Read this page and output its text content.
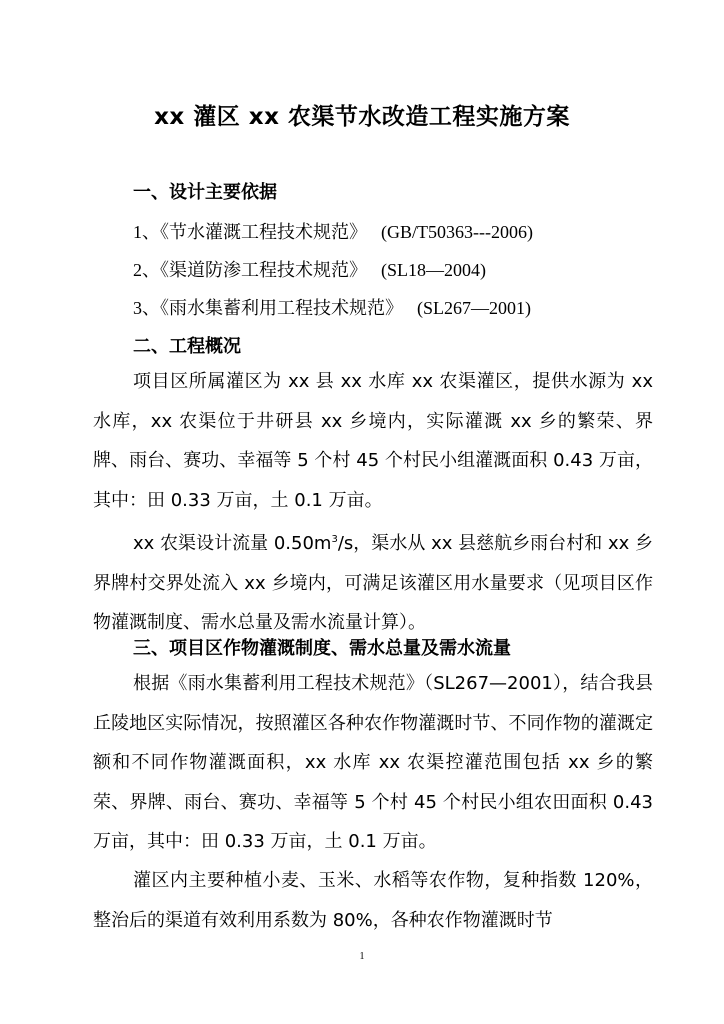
xx 灌区 xx 农渠节水改造工程实施方案
一、设计主要依据
1、《节水灌溉工程技术规范》 (GB/T50363---2006)
2、《渠道防渗工程技术规范》 (SL18—2004)
3、《雨水集蓄利用工程技术规范》 (SL267—2001)
二、工程概况
项目区所属灌区为 xx 县 xx 水库 xx 农渠灌区，提供水源为 xx 水库，xx 农渠位于井研县 xx 乡境内，实际灌溉 xx 乡的繁荣、界牌、雨台、赛功、幸福等 5 个村 45 个村民小组灌溉面积 0.43 万亩，其中：田 0.33 万亩，土 0.1 万亩。
xx 农渠设计流量 $0.50m^3/s$，渠水从 xx 县慈航乡雨台村和 xx 乡界牌村交界处流入 xx 乡境内，可满足该灌区用水量要求（见项目区作物灌溉制度、需水总量及需水流量计算）。
三、项目区作物灌溉制度、需水总量及需水流量
根据《雨水集蓄利用工程技术规范》（SL267—2001），结合我县丘陵地区实际情况，按照灌区各种农作物灌溉时节、不同作物的灌溉定额和不同作物灌溉面积，xx 水库 xx 农渠控灌范围包括 xx 乡的繁荣、界牌、雨台、赛功、幸福等 5 个村 45 个村民小组农田面积 0.43 万亩，其中：田 0.33 万亩，土 0.1 万亩。
灌区内主要种植小麦、玉米、水稻等农作物，复种指数 120%，整治后的渠道有效利用系数为 80%，各种农作物灌溉时节
1
